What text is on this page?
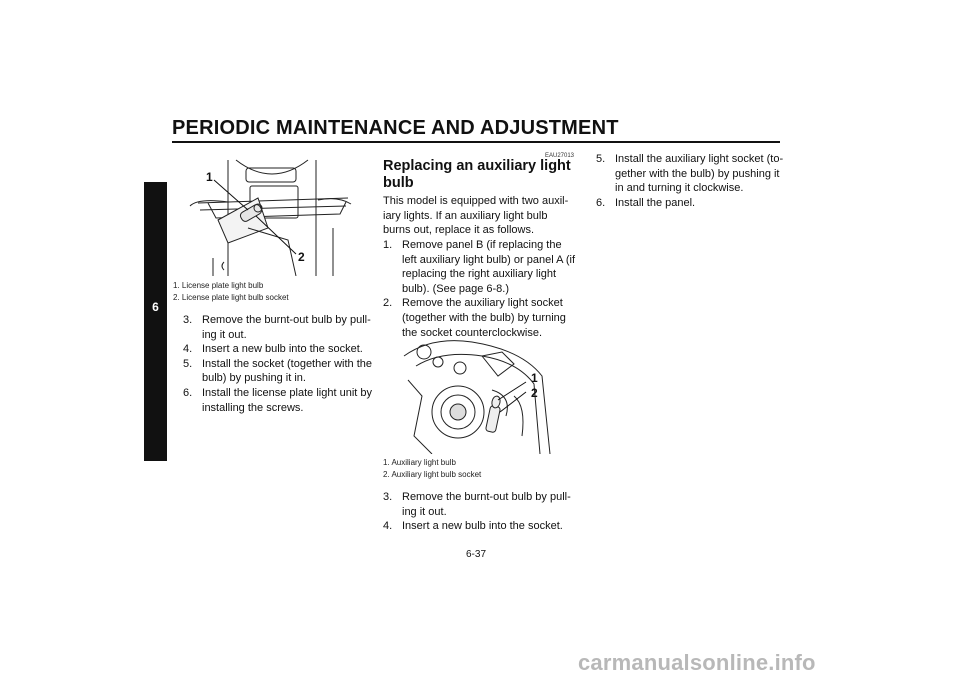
PERIODIC MAINTENANCE AND ADJUSTMENT
6
1
2
1. License plate light bulb
2. License plate light bulb socket
3. Remove the burnt-out bulb by pull-ing it out.
4. Insert a new bulb into the socket.
5. Install the socket (together with the bulb) by pushing it in.
6. Install the license plate light unit by installing the screws.
EAU27013
Replacing an auxiliary light bulb
This model is equipped with two auxil-iary lights. If an auxiliary light bulb burns out, replace it as follows.
1. Remove panel B (if replacing the left auxiliary light bulb) or panel A (if replacing the right auxiliary light bulb). (See page 6-8.)
2. Remove the auxiliary light socket (together with the bulb) by turning the socket counterclockwise.
1
2
1. Auxiliary light bulb
2. Auxiliary light bulb socket
3. Remove the burnt-out bulb by pull-ing it out.
4. Insert a new bulb into the socket.
5. Install the auxiliary light socket (to-gether with the bulb) by pushing it in and turning it clockwise.
6. Install the panel.
6-37
carmanualsonline.info
